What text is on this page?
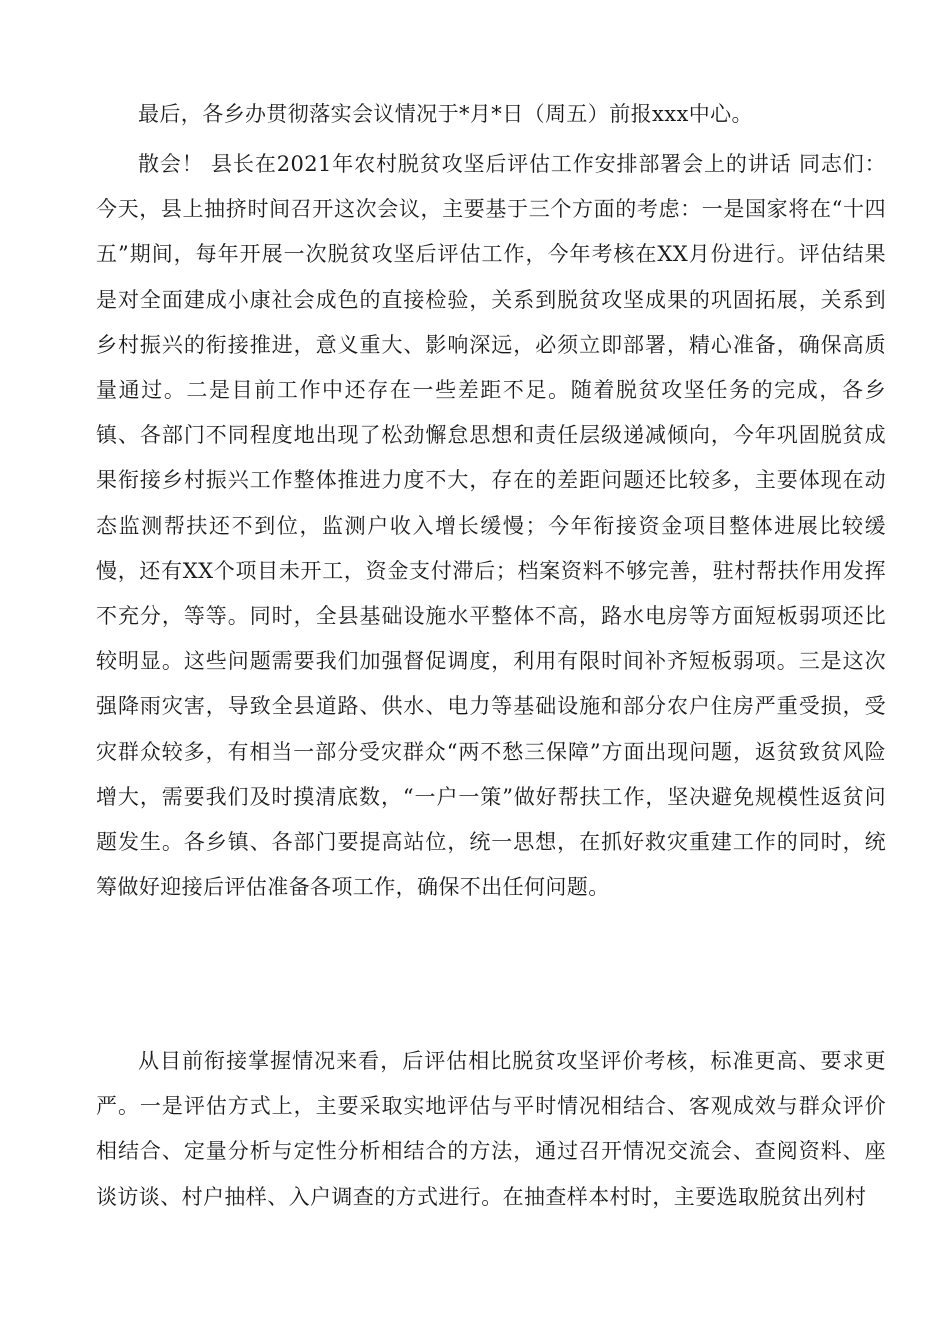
最后，各乡办贯彻落实会议情况于*月*日（周五）前报xxx中心。

散会！ 县长在2021年农村脱贫攻坚后评估工作安排部署会上的讲话 同志们：今天，县上抽挤时间召开这次会议，主要基于三个方面的考虑：一是国家将在“十四五”期间，每年开展一次脱贫攻坚后评估工作，今年考核在XX月份进行。评估结果是对全面建成小康社会成色的直接检验，关系到脱贫攻坚成果的巩固拓展，关系到乡村振兴的衔接推进，意义重大、影响深远，必须立即部署，精心准备，确保高质量通过。二是目前工作中还存在一些差距不足。随着脱贫攻坚任务的完成，各乡镇、各部门不同程度地出现了松劲懈怠思想和责任层级递减倾向，今年巩固脱贫成果衔接乡村振兴工作整体推进力度不大，存在的差距问题还比较多，主要体现在动态监测帮扶还不到位，监测户收入增长缓慢；今年衔接资金项目整体进展比较缓慢，还有XX个项目未开工，资金支付滞后；档案资料不够完善，驻村帮扶作用发挥不充分，等等。同时，全县基础设施水平整体不高，路水电房等方面短板弱项还比较明显。这些问题需要我们加强督促调度，利用有限时间补齐短板弱项。三是这次强降雨灾害，导致全县道路、供水、电力等基础设施和部分农户住房严重受损，受灾群众较多，有相当一部分受灾群众“两不愁三保障”方面出现问题，返贫致贫风险增大，需要我们及时摸清底数，“一户一策”做好帮扶工作，坚决避免规模性返贫问题发生。各乡镇、各部门要提高站位，统一思想，在抓好救灾重建工作的同时，统筹做好迎接后评估准备各项工作，确保不出任何问题。

从目前衔接掌握情况来看，后评估相比脱贫攻坚评价考核，标准更高、要求更严。一是评估方式上，主要采取实地评估与平时情况相结合、客观成效与群众评价相结合、定量分析与定性分析相结合的方法，通过召开情况交流会、查阅资料、座谈访谈、村户抽样、入户调查的方式进行。在抽查样本村时，主要选取脱贫出列村
